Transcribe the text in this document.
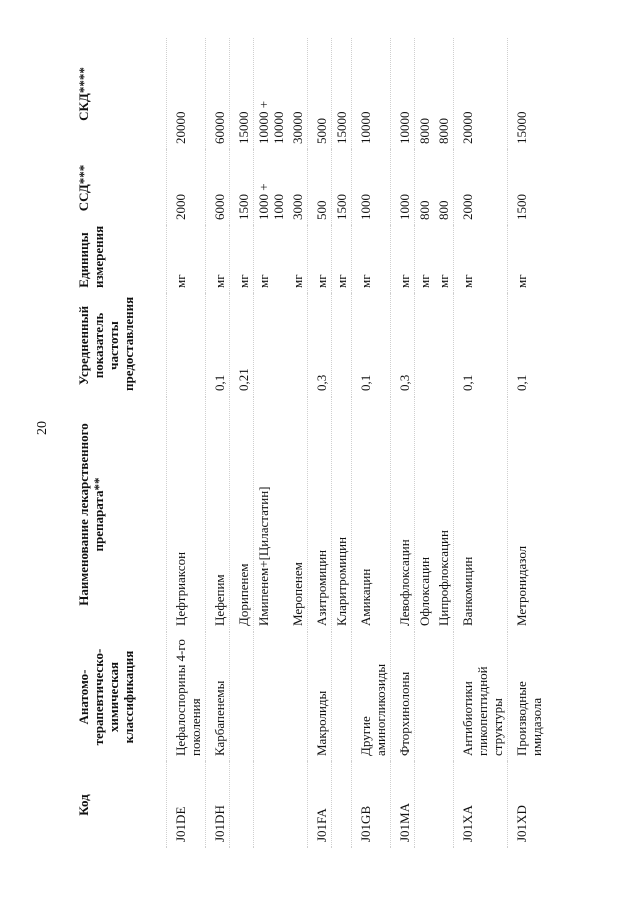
20
Код	Анатомо-терапевтическо-химическая классификация	Наименование лекарственного препарата**	Усредненный показатель частоты предоставления	Единицы измерения	ССД***	СКД****
J01DE	Цефалоспорины 4-го поколения	Цефтриаксон		мг	2000	20000
J01DH	Карбапенемы	Цефепим	0,1	мг	6000	60000
		Дорипенем	0,21	мг	1500	15000
		Имипенем+[Циластатин]		мг	1000 + 1000	10000 + 10000

		Меропенем		мг	3000	30000
J01FA	Макролиды	Азитромицин	0,3	мг	500	5000
		Кларитромицин		мг	1500	15000
J01GB	Другие аминогликозиды	Амикацин	0,1	мг	1000	10000
J01MA	Фторхинолоны	Левофлоксацин	0,3	мг	1000	10000
		Офлоксацин		мг	800	8000
		Ципрофлоксацин		мг	800	8000
J01XA	Антибиотики гликопептидной структуры	Ванкомицин	0,1	мг	2000	20000
J01XD	Производные имидазола	Метронидазол	0,1	мг	1500	15000
